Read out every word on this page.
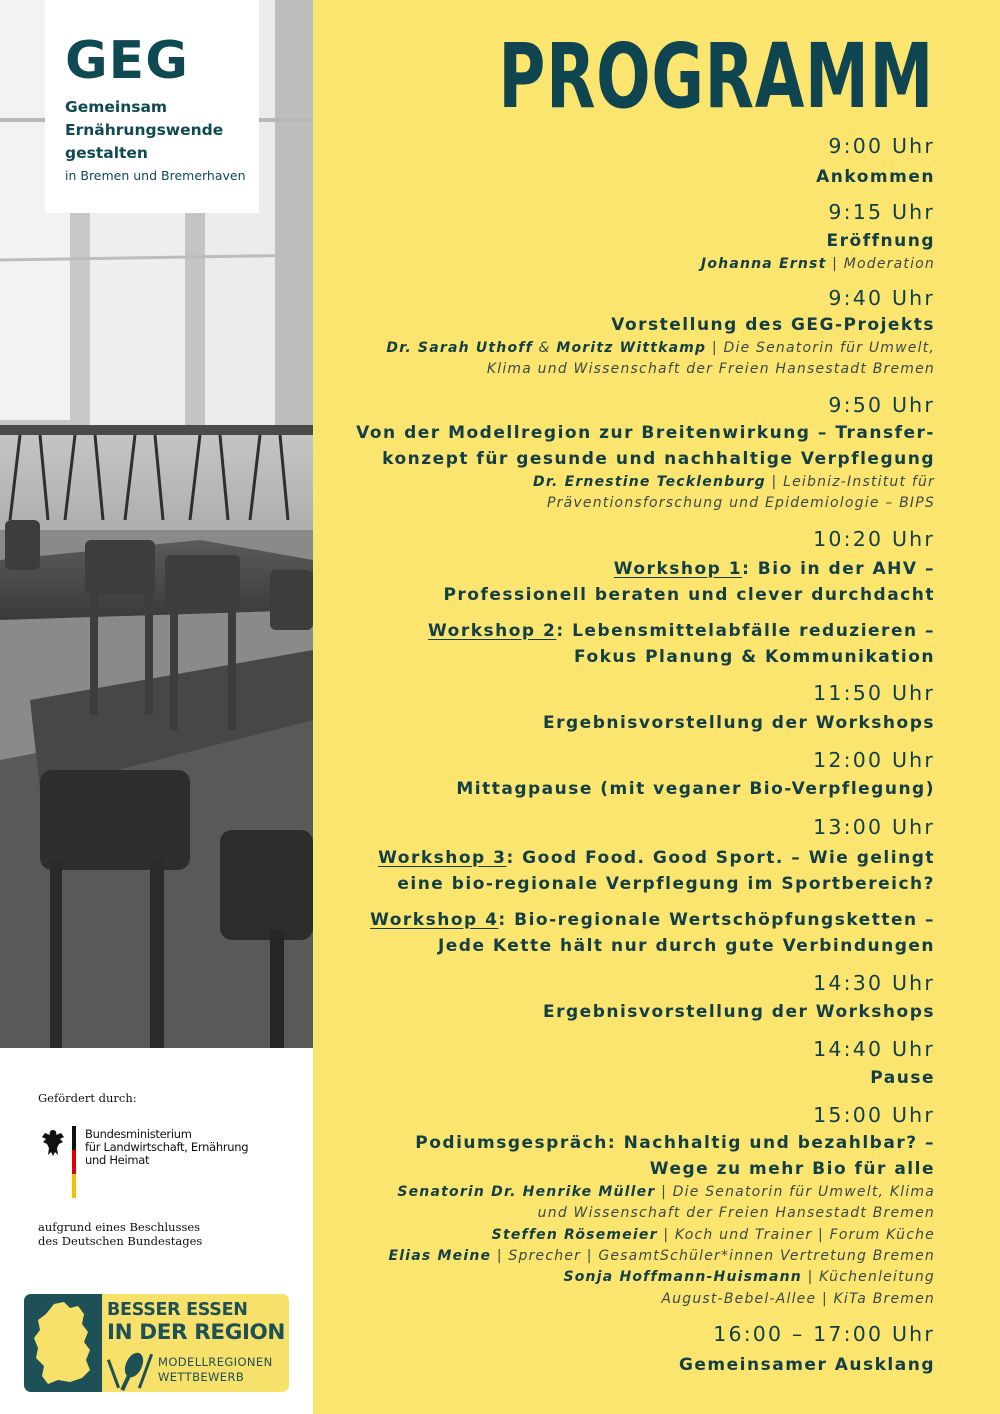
GEG
Gemeinsam
Ernährungswende
gestalten
in Bremen und Bremerhaven
Gefördert durch:
Bundesministerium
für Landwirtschaft, Ernährung
und Heimat
aufgrund eines Beschlusses
des Deutschen Bundestages
BESSER ESSEN
IN DER REGION
MODELLREGIONEN
WETTBEWERB
PROGRAMM
9:00 Uhr
Ankommen
9:15 Uhr
Eröffnung
Johanna Ernst | Moderation
9:40 Uhr
Vorstellung des GEG-Projekts
Dr. Sarah Uthoff & Moritz Wittkamp | Die Senatorin für Umwelt,
Klima und Wissenschaft der Freien Hansestadt Bremen
9:50 Uhr
Von der Modellregion zur Breitenwirkung – Transfer-
konzept für gesunde und nachhaltige Verpflegung
Dr. Ernestine Tecklenburg | Leibniz-Institut für
Präventionsforschung und Epidemiologie – BIPS
10:20 Uhr
Workshop 1: Bio in der AHV –
Professionell beraten und clever durchdacht
Workshop 2: Lebensmittelabfälle reduzieren –
Fokus Planung & Kommunikation
11:50 Uhr
Ergebnisvorstellung der Workshops
12:00 Uhr
Mittagpause (mit veganer Bio-Verpflegung)
13:00 Uhr
Workshop 3: Good Food. Good Sport. – Wie gelingt
eine bio-regionale Verpflegung im Sportbereich?
Workshop 4: Bio-regionale Wertschöpfungsketten –
Jede Kette hält nur durch gute Verbindungen
14:30 Uhr
Ergebnisvorstellung der Workshops
14:40 Uhr
Pause
15:00 Uhr
Podiumsgespräch: Nachhaltig und bezahlbar? –
Wege zu mehr Bio für alle
Senatorin Dr. Henrike Müller | Die Senatorin für Umwelt, Klima
und Wissenschaft der Freien Hansestadt Bremen
Steffen Rösemeier | Koch und Trainer | Forum Küche
Elias Meine | Sprecher | GesamtSchüler*innen Vertretung Bremen
Sonja Hoffmann-Huismann | Küchenleitung
August-Bebel-Allee | KiTa Bremen
16:00 – 17:00 Uhr
Gemeinsamer Ausklang
